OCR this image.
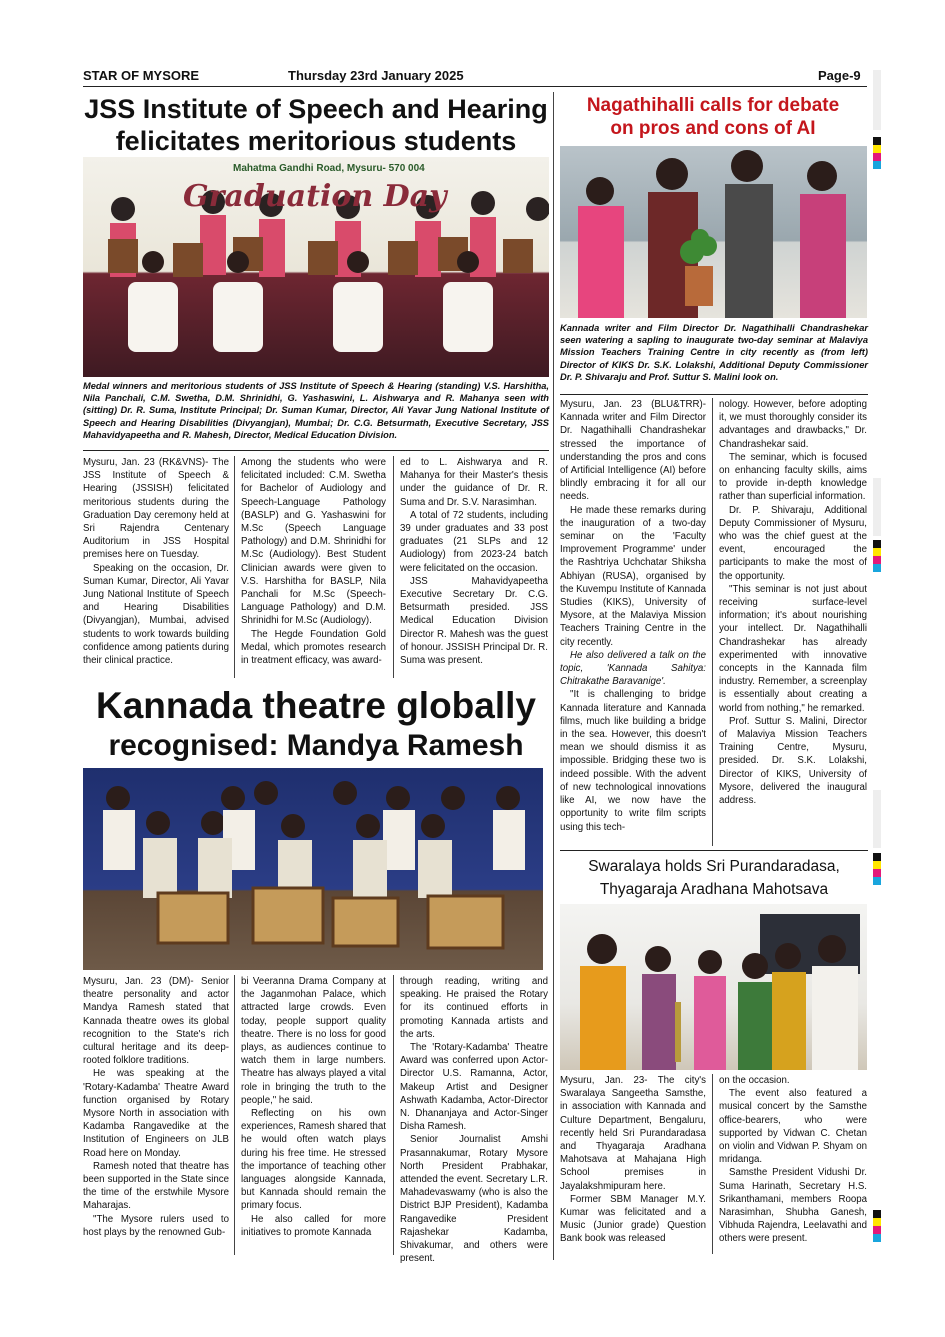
STAR OF MYSORE	Thursday 23rd January 2025	Page-9
JSS Institute of Speech and Hearing
felicitates meritorious students
Mahatma Gandhi Road, Mysuru- 570 004
Graduation Day
Medal winners and meritorious students of JSS Institute of Speech & Hearing (standing) V.S. Harshitha, Nila Panchali, C.M. Swetha, D.M. Shrinidhi, G. Yashaswini, L. Aishwarya and R. Mahanya seen with (sitting) Dr. R. Suma, Institute Principal; Dr. Suman Kumar, Director, Ali Yavar Jung National Institute of Speech and Hearing Disabilities (Divyangjan), Mumbai; Dr. C.G. Betsurmath, Executive Secretary, JSS Mahavidyapeetha and R. Mahesh, Director, Medical Education Division.

Mysuru, Jan. 23 (RK&VNS)- The JSS Institute of Speech & Hearing (JSSISH) felicitated meritorious students during the Graduation Day ceremony held at Sri Rajendra Centenary Auditorium in JSS Hospital premises here on Tuesday.

Speaking on the occasion, Dr. Suman Kumar, Director, Ali Yavar Jung National Institute of Speech and Hearing Disabilities (Divyangjan), Mumbai, advised students to work towards building confidence among patients during their clinical practice.

Among the students who were felicitated included: C.M. Swetha for Bachelor of Audiology and Speech-Language Pathology (BASLP) and G. Yashaswini for M.Sc (Speech Language Pathology) and D.M. Shrinidhi for M.Sc (Audiology). Best Student Clinician awards were given to V.S. Harshitha for BASLP, Nila Panchali for M.Sc (Speech-Language Pathology) and D.M. Shrinidhi for M.Sc (Audiology).

The Hegde Foundation Gold Medal, which promotes research in treatment efficacy, was award-

ed to L. Aishwarya and R. Mahanya for their Master's thesis under the guidance of Dr. R. Suma and Dr. S.V. Narasimhan.

A total of 72 students, including 39 under graduates and 33 post graduates (21 SLPs and 12 Audiology) from 2023-24 batch were felicitated on the occasion.

JSS Mahavidyapeetha Executive Secretary Dr. C.G. Betsurmath presided. JSS Medical Education Division Director R. Mahesh was the guest of honour. JSSISH Principal Dr. R. Suma was present.

Nagathihalli calls for debate
on pros and cons of AI
Kannada writer and Film Director Dr. Nagathihalli Chandrashekar seen watering a sapling to inaugurate two-day seminar at Malaviya Mission Teachers Training Centre in city recently as (from left) Director of KIKS Dr. S.K. Lolakshi, Additional Deputy Commissioner Dr. P. Shivaraju and Prof. Suttur S. Malini look on.

Mysuru, Jan. 23 (BLU&TRR)- Kannada writer and Film Director Dr. Nagathihalli Chandrashekar stressed the importance of understanding the pros and cons of Artificial Intelligence (AI) before blindly embracing it for all our needs.

He made these remarks during the inauguration of a two-day seminar on the 'Faculty Improvement Programme' under the Rashtriya Uchchatar Shiksha Abhiyan (RUSA), organised by the Kuvempu Institute of Kannada Studies (KIKS), University of Mysore, at the Malaviya Mission Teachers Training Centre in the city recently.

He also delivered a talk on the topic, 'Kannada Sahitya: Chitrakathe Baravanige'.

"It is challenging to bridge Kannada literature and Kannada films, much like building a bridge in the sea. However, this doesn't mean we should dismiss it as impossible. Bridging these two is indeed possible. With the advent of new technological innovations like AI, we now have the opportunity to write film scripts using this tech-

nology. However, before adopting it, we must thoroughly consider its advantages and drawbacks," Dr. Chandrashekar said.

The seminar, which is focused on enhancing faculty skills, aims to provide in-depth knowledge rather than superficial information.

Dr. P. Shivaraju, Additional Deputy Commissioner of Mysuru, who was the chief guest at the event, encouraged the participants to make the most of the opportunity.

"This seminar is not just about receiving surface-level information; it's about nourishing your intellect. Dr. Nagathihalli Chandrashekar has already experimented with innovative concepts in the Kannada film industry. Remember, a screenplay is essentially about creating a world from nothing," he remarked.

Prof. Suttur S. Malini, Director of Malaviya Mission Teachers Training Centre, Mysuru, presided. Dr. S.K. Lolakshi, Director of KIKS, University of Mysore, delivered the inaugural address.

Kannada theatre globally
recognised: Mandya Ramesh

Mysuru, Jan. 23 (DM)- Senior theatre personality and actor Mandya Ramesh stated that Kannada theatre owes its global recognition to the State's rich cultural heritage and its deep-rooted folklore traditions.

He was speaking at the 'Rotary-Kadamba' Theatre Award function organised by Rotary Mysore North in association with Kadamba Rangavedike at the Institution of Engineers on JLB Road here on Monday.

Ramesh noted that theatre has been supported in the State since the time of the erstwhile Mysore Maharajas.

"The Mysore rulers used to host plays by the renowned Gub-

bi Veeranna Drama Company at the Jaganmohan Palace, which attracted large crowds. Even today, people support quality theatre. There is no loss for good plays, as audiences continue to watch them in large numbers. Theatre has always played a vital role in bringing the truth to the people," he said.

Reflecting on his own experiences, Ramesh shared that he would often watch plays during his free time. He stressed the importance of teaching other languages alongside Kannada, but Kannada should remain the primary focus.

He also called for more initiatives to promote Kannada

through reading, writing and speaking. He praised the Rotary for its continued efforts in promoting Kannada artists and the arts.

The 'Rotary-Kadamba' Theatre Award was conferred upon Actor-Director U.S. Ramanna, Actor, Makeup Artist and Designer Ashwath Kadamba, Actor-Director N. Dhananjaya and Actor-Singer Disha Ramesh.

Senior Journalist Amshi Prasannakumar, Rotary Mysore North President Prabhakar, attended the event. Secretary L.R. Mahadevaswamy (who is also the District BJP President), Kadamba Rangavedike President Rajashekar Kadamba, Shivakumar, and others were present.

Swaralaya holds Sri Purandaradasa,
Thyagaraja Aradhana Mahotsava

Mysuru, Jan. 23- The city's Swaralaya Sangeetha Samsthe, in association with Kannada and Culture Department, Bengaluru, recently held Sri Purandaradasa and Thyagaraja Aradhana Mahotsava at Mahajana High School premises in Jayalakshmipuram here.

Former SBM Manager M.Y. Kumar was felicitated and a Music (Junior grade) Question Bank book was released

on the occasion.

The event also featured a musical concert by the Samsthe office-bearers, who were supported by Vidwan C. Chetan on violin and Vidwan P. Shyam on mridanga.

Samsthe President Vidushi Dr. Suma Harinath, Secretary H.S. Srikanthamani, members Roopa Narasimhan, Shubha Ganesh, Vibhuda Rajendra, Leelavathi and others were present.
